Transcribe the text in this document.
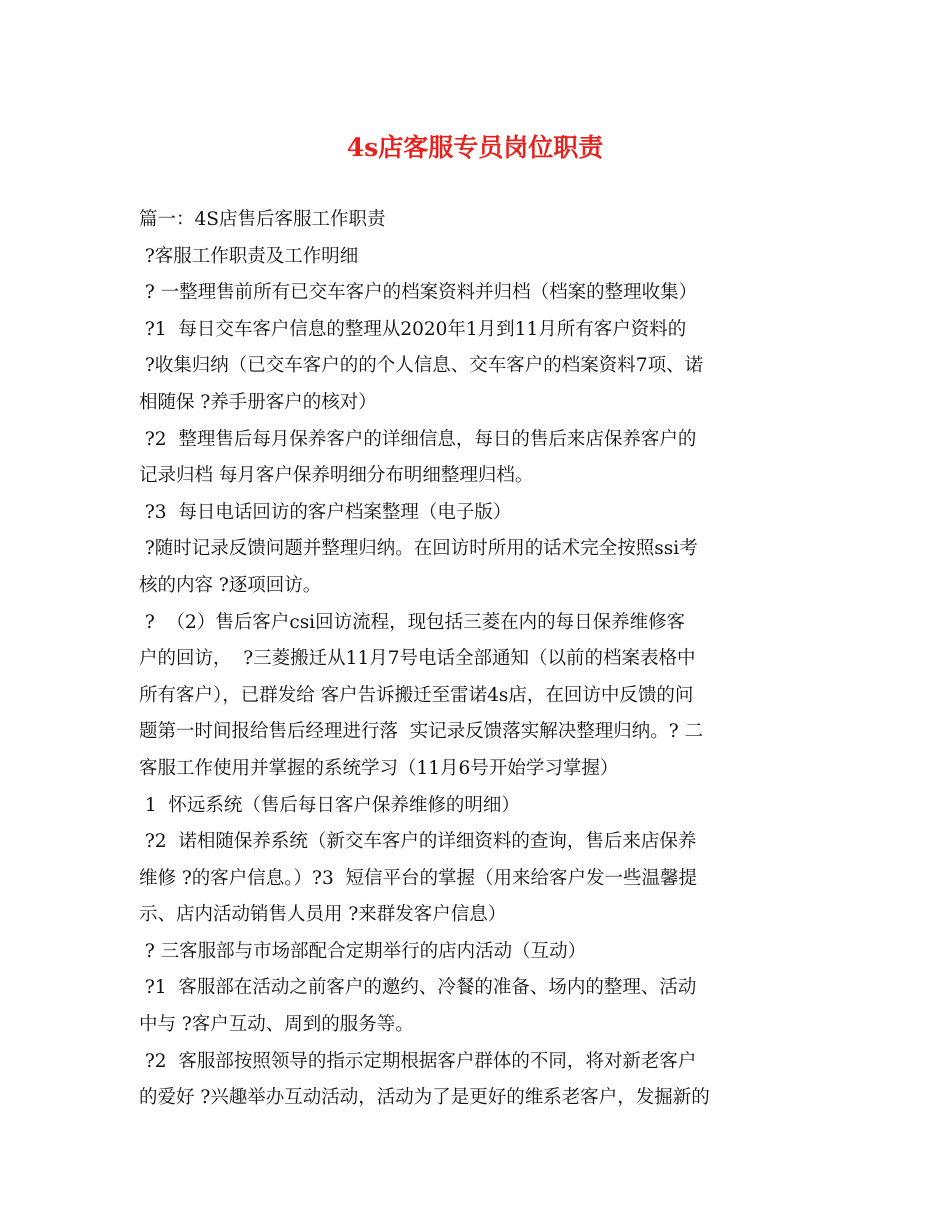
4s店客服专员岗位职责
篇一：4S店售后客服工作职责
?客服工作职责及工作明细
? 一整理售前所有已交车客户的档案资料并归档（档案的整理收集）
?1  每日交车客户信息的整理从2020年1月到11月所有客户资料的
?收集归纳（已交车客户的的个人信息、交车客户的档案资料7项、诺
相随保 ?养手册客户的核对）
?2  整理售后每月保养客户的详细信息，每日的售后来店保养客户的
记录归档 每月客户保养明细分布明细整理归档。
?3  每日电话回访的客户档案整理（电子版）
?随时记录反馈问题并整理归纳。在回访时所用的话术完全按照ssi考
核的内容 ?逐项回访。
?  （2）售后客户csi回访流程，现包括三菱在内的每日保养维修客
户的回访，  ?三菱搬迁从11月7号电话全部通知（以前的档案表格中
所有客户），已群发给 客户告诉搬迁至雷诺4s店，在回访中反馈的问
题第一时间报给售后经理进行落  实记录反馈落实解决整理归纳。? 二
客服工作使用并掌握的系统学习（11月6号开始学习掌握）
1  怀远系统（售后每日客户保养维修的明细）
?2  诺相随保养系统（新交车客户的详细资料的查询，售后来店保养
维修 ?的客户信息。）?3  短信平台的掌握（用来给客户发一些温馨提
示、店内活动销售人员用 ?来群发客户信息）
? 三客服部与市场部配合定期举行的店内活动（互动）
?1  客服部在活动之前客户的邀约、冷餐的准备、场内的整理、活动
中与 ?客户互动、周到的服务等。
?2  客服部按照领导的指示定期根据客户群体的不同，将对新老客户
的爱好 ?兴趣举办互动活动，活动为了是更好的维系老客户，发掘新的
